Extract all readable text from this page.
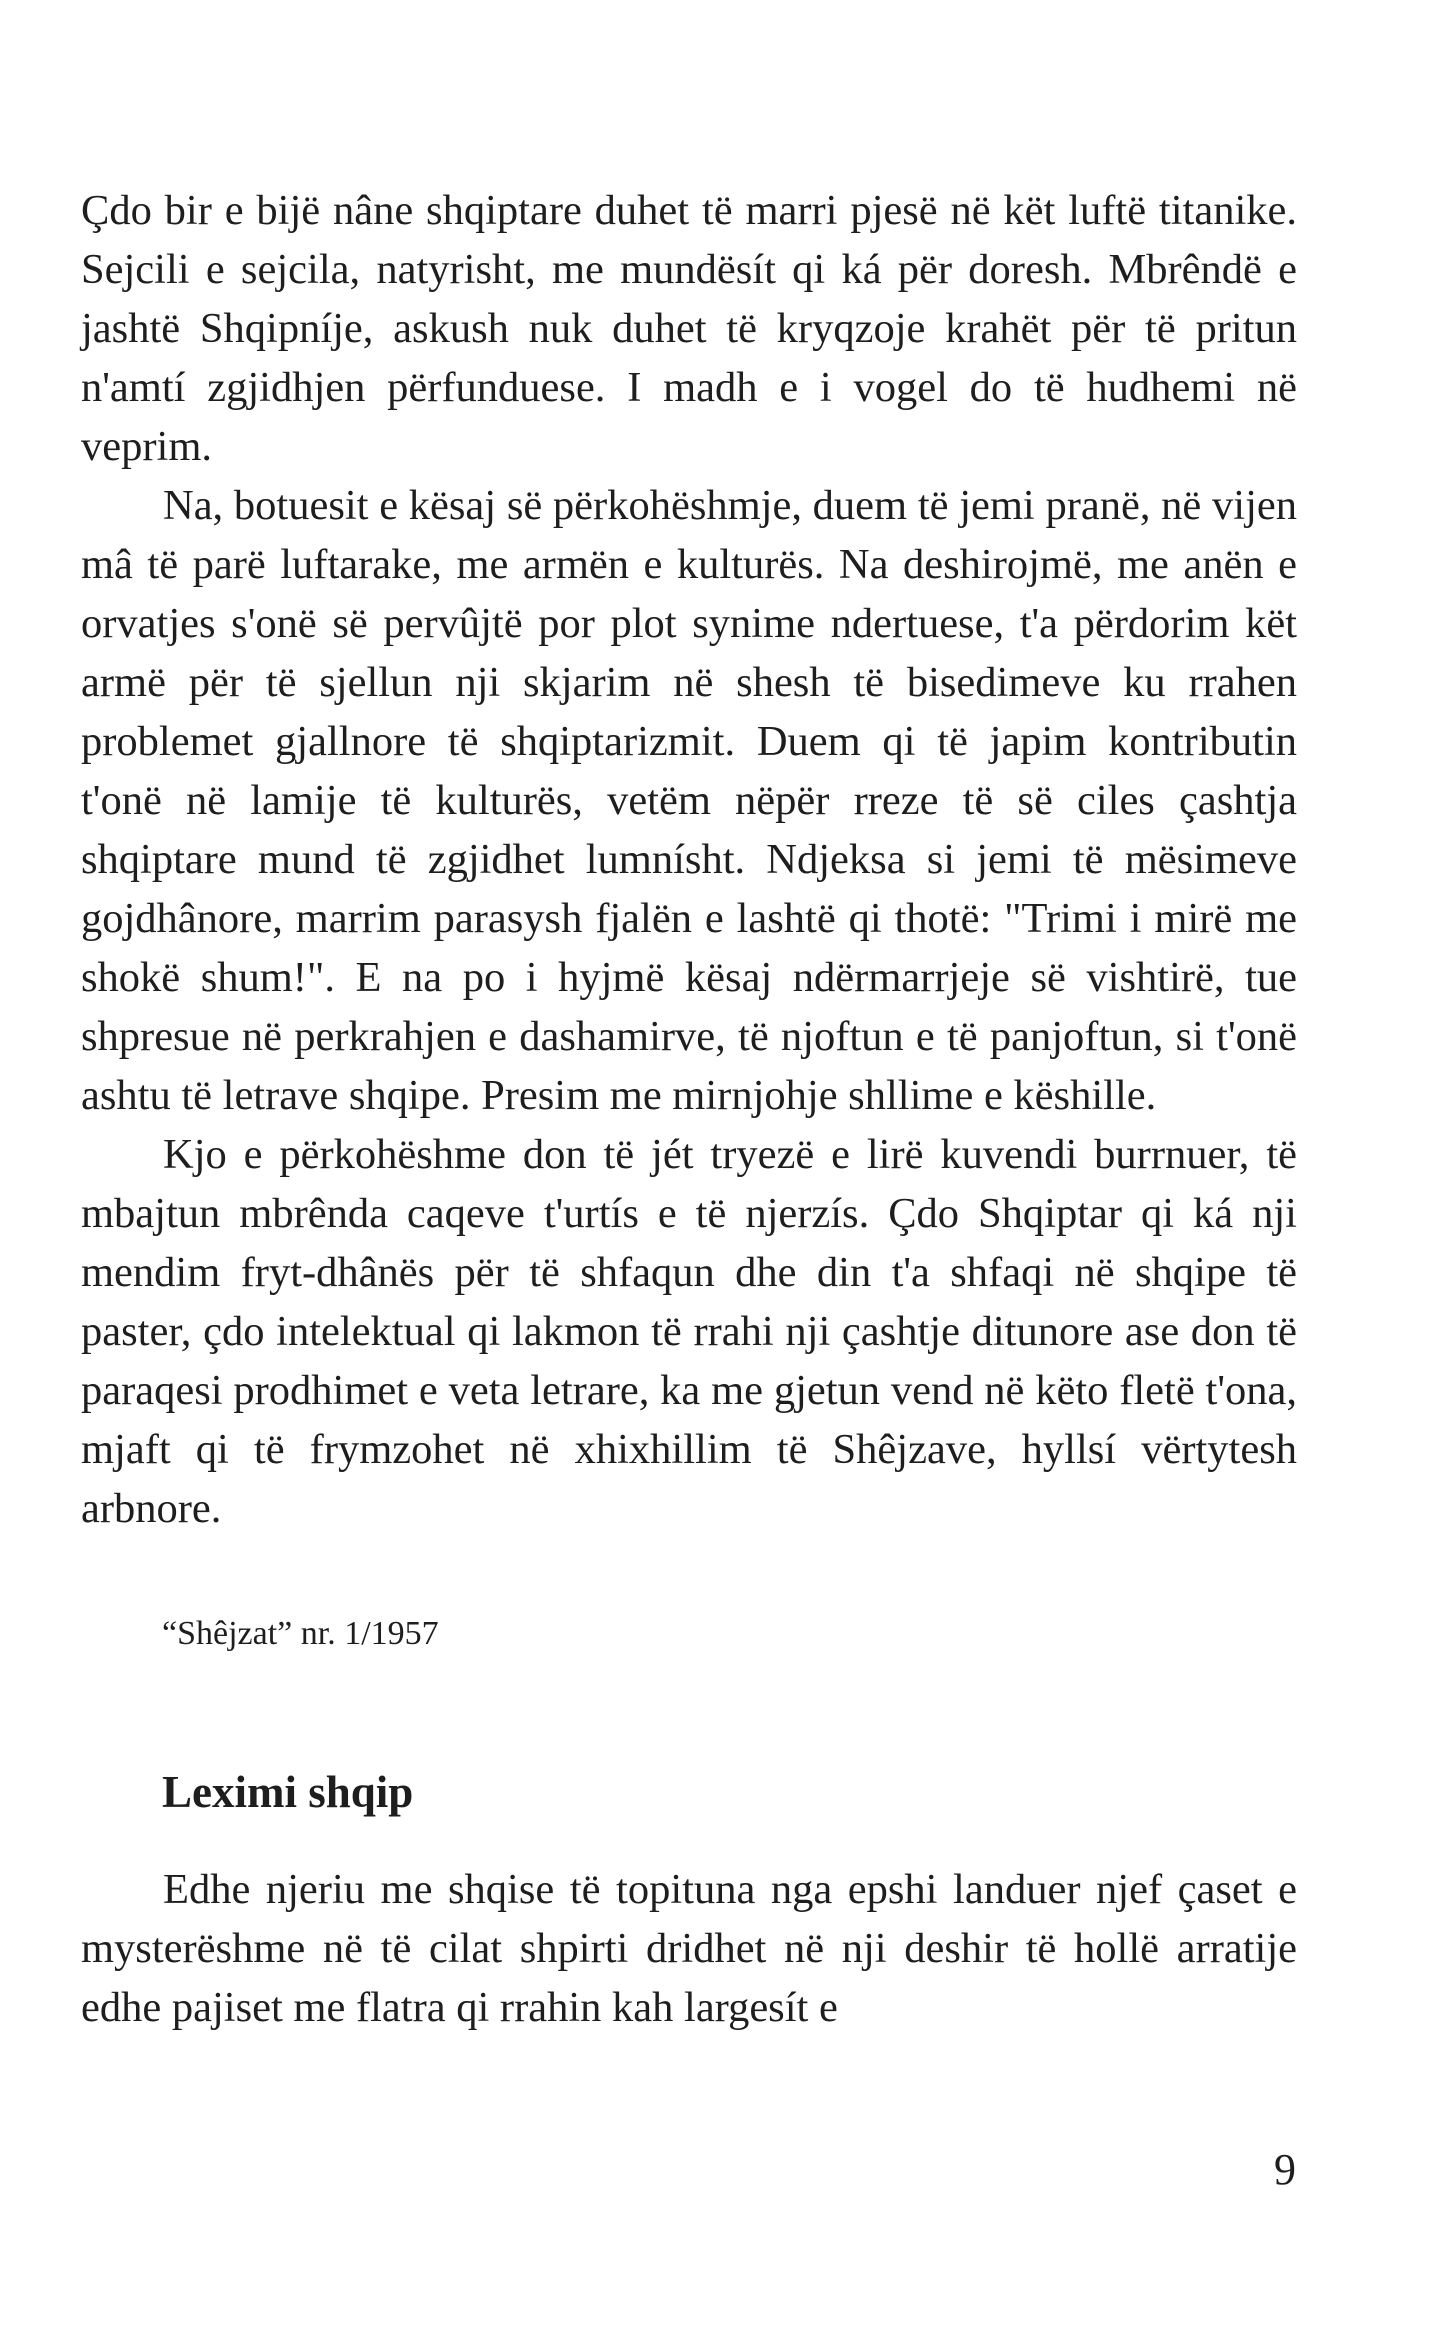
Çdo bir e bijë nâne shqiptare duhet të marri pjesë në kët luftë titanike. Sejcili e sejcila, natyrisht, me mundësít qi ká për doresh. Mbrêndë e jashtë Shqipníje, askush nuk duhet të kryqzoje krahët për të pritun n'amtí zgjidhjen përfunduese. I madh e i vogel do të hudhemi në veprim.

Na, botuesit e kësaj së përkohëshmje, duem të jemi pranë, në vijen mâ të parë luftarake, me armën e kulturës. Na deshirojmë, me anën e orvatjes s'onë së pervûjtë por plot synime ndertuese, t'a përdorim kët armë për të sjellun nji skjarim në shesh të bisedimeve ku rrahen problemet gjallnore të shqiptarizmit. Duem qi të japim kontributin t'onë në lamije të kulturës, vetëm nëpër rreze të së ciles çashtja shqiptare mund të zgjidhet lumnísht. Ndjeksa si jemi të mësimeve gojdhânore, marrim parasysh fjalën e lashtë qi thotë: "Trimi i mirë me shokë shum!". E na po i hyjmë kësaj ndërmarrjeje së vishtirë, tue shpresue në perkrahjen e dashamirve, të njoftun e të panjoftun, si t'onë ashtu të letrave shqipe. Presim me mirnjohje shllime e këshille.

Kjo e përkohëshme don të jét tryezë e lirë kuvendi burrnuer, të mbajtun mbrênda caqeve t'urtís e të njerzís. Çdo Shqiptar qi ká nji mendim fryt-dhânës për të shfaqun dhe din t'a shfaqi në shqipe të paster, çdo intelektual qi lakmon të rrahi nji çashtje ditunore ase don të paraqesi prodhimet e veta letrare, ka me gjetun vend në këto fletë t'ona, mjaft qi të frymzohet në xhixhillim të Shêjzave, hyllsí vërtytesh arbnore.

“Shêjzat” nr. 1/1957
Leximi shqip

Edhe njeriu me shqise të topituna nga epshi landuer njef çaset e mysterëshme në të cilat shpirti dridhet në nji deshir të hollë arratije edhe pajiset me flatra qi rrahin kah largesít e

9
